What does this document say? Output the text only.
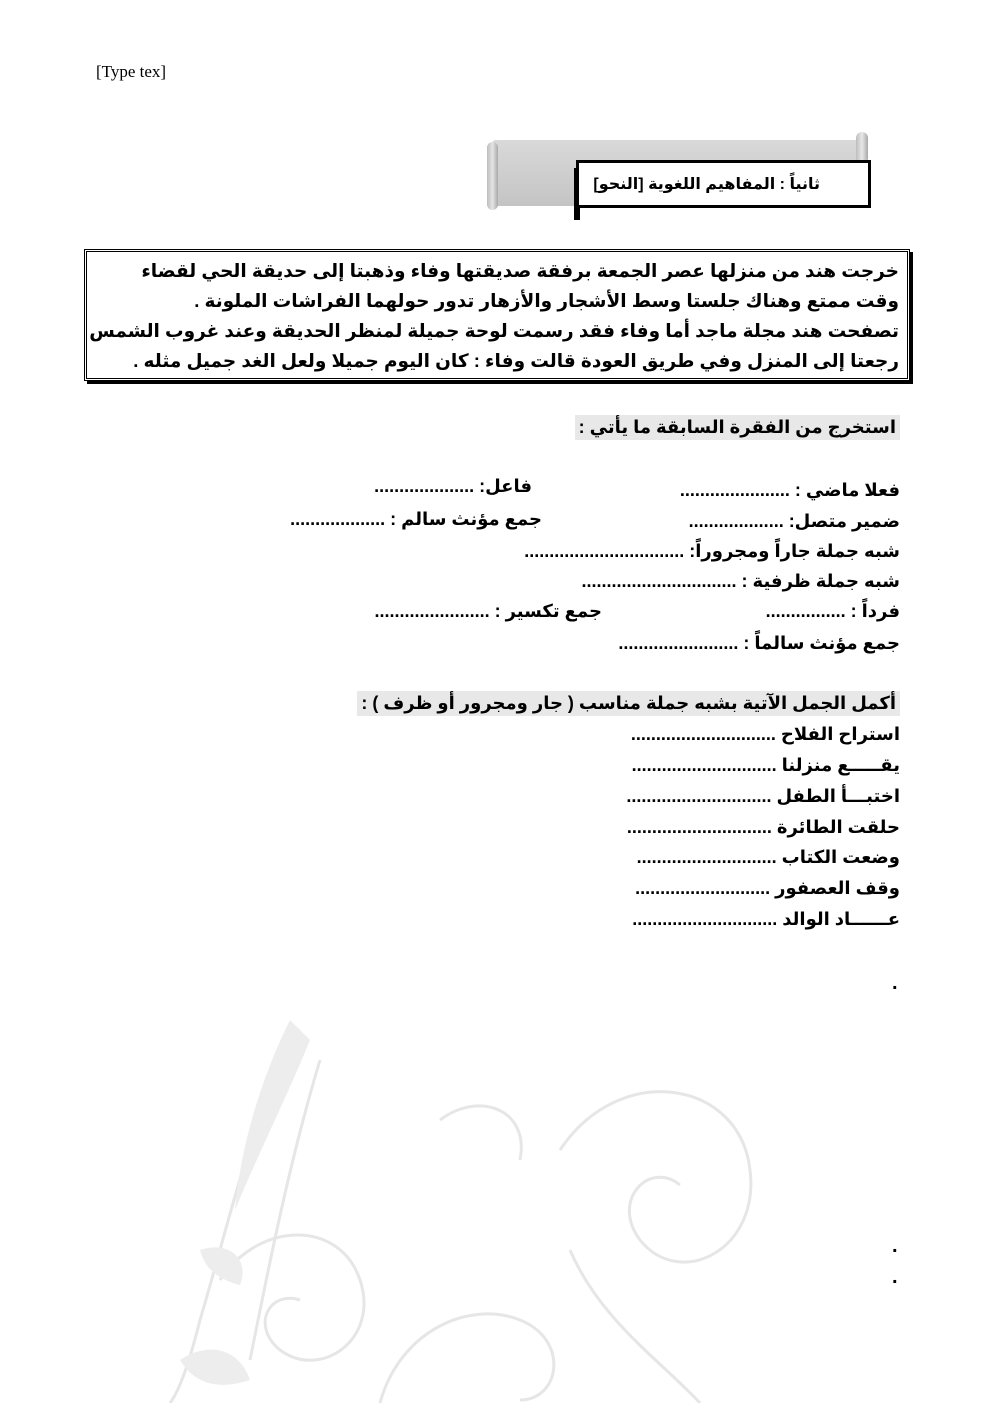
[Type tex]
ثانياً : المفاهيم اللغوية [النحو]
خرجت هند من منزلها عصر الجمعة برفقة صديقتها وفاء وذهبتا إلى حديقة الحي لقضاء
وقت ممتع وهناك جلستا وسط الأشجار والأزهار تدور حولهما الفراشات الملونة .
تصفحت هند مجلة ماجد أما وفاء فقد رسمت لوحة جميلة لمنظر الحديقة وعند غروب الشمس
رجعتا إلى المنزل وفي طريق العودة قالت وفاء : كان اليوم جميلا ولعل الغد جميل مثله .
استخرج من الفقرة السابقة ما يأتي :
فعلا ماضي : ......................
فاعل: ....................
ضمير متصل: ...................
جمع مؤنث سالم : ...................
شبه جملة جاراً ومجروراً: ................................
شبه جملة ظرفية : ...............................
فرداً : ................
جمع تكسير : .......................
جمع مؤنث سالماً : ........................
أكمل الجمل الآتية بشبه جملة مناسب ( جار ومجرور أو ظرف ) :
استراح الفلاح .............................
يقـــــع منزلنا .............................
اختبـــأ الطفل .............................
حلقت الطائرة .............................
وضعت الكتاب ............................
وقف العصفور ...........................
عــــــاد الوالد .............................
.
.
.
